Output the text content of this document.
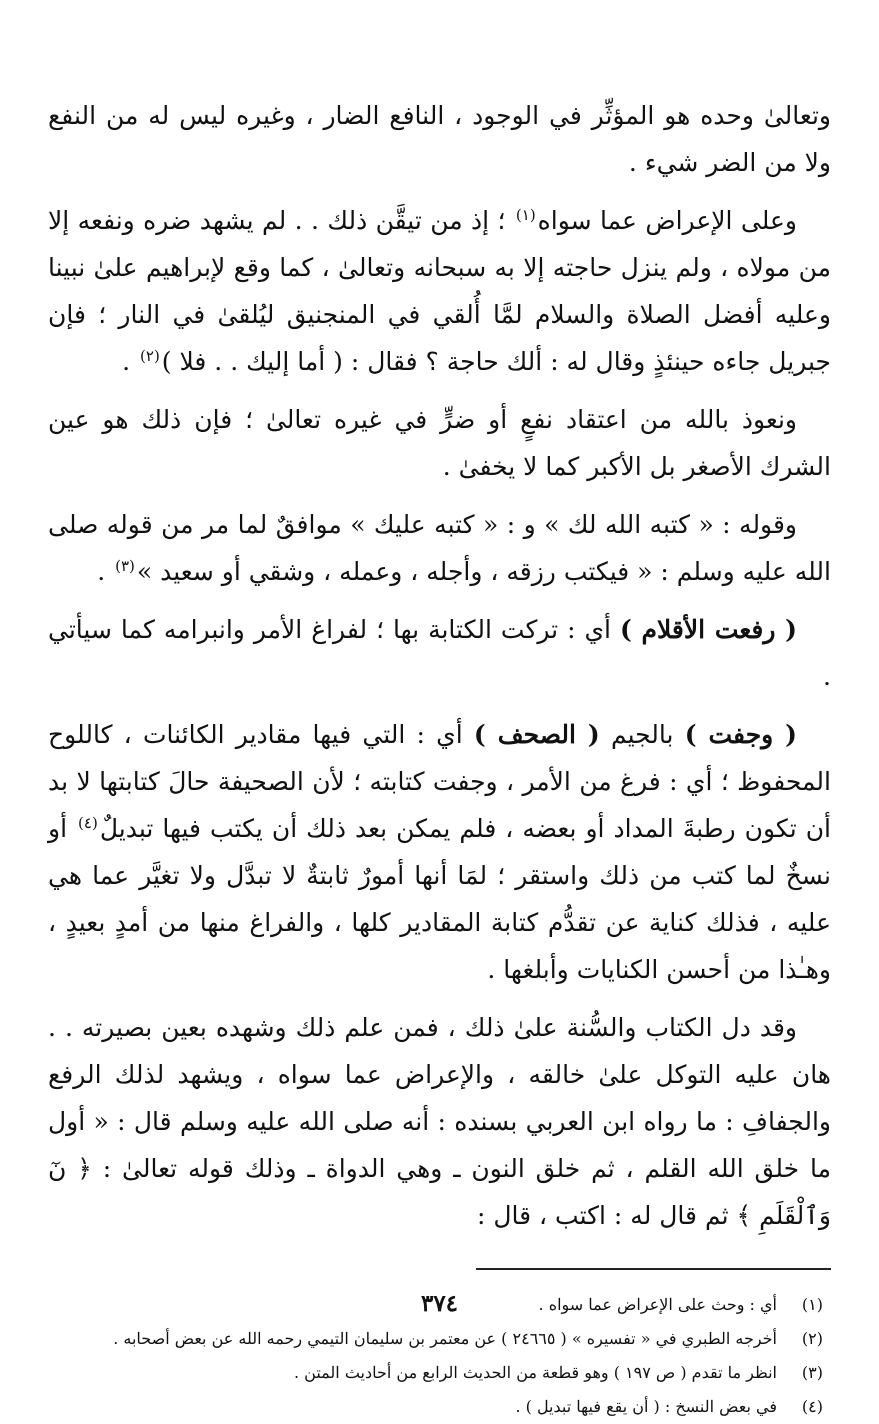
وتعالىٰ وحده هو المؤثِّر في الوجود ، النافع الضار ، وغيره ليس له من النفع ولا من الضر شيء .

وعلى الإعراض عما سواه$^{(١)}$ ؛ إذ من تيقَّن ذلك . . لم يشهد ضره ونفعه إلا من مولاه ، ولم ينزل حاجته إلا به سبحانه وتعالىٰ ، كما وقع لإبراهيم علىٰ نبينا وعليه أفضل الصلاة والسلام لمَّا أُلقي في المنجنيق ليُلقىٰ في النار ؛ فإن جبريل جاءه حينئذٍ وقال له : ألك حاجة ؟ فقال : ( أما إليك . . فلا )$^{(٢)}$ .

ونعوذ بالله من اعتقاد نفعٍ أو ضرٍّ في غيره تعالىٰ ؛ فإن ذلك هو عين الشرك الأصغر بل الأكبر كما لا يخفىٰ .

وقوله : « كتبه الله لك » و : « كتبه عليك » موافقٌ لما مر من قوله صلى الله عليه وسلم : « فيكتب رزقه ، وأجله ، وعمله ، وشقي أو سعيد »$^{(٣)}$ .

( رفعت الأقلام ) أي : تركت الكتابة بها ؛ لفراغ الأمر وانبرامه كما سيأتي .

( وجفت ) بالجيم ( الصحف ) أي : التي فيها مقادير الكائنات ، كاللوح المحفوظ ؛ أي : فرغ من الأمر ، وجفت كتابته ؛ لأن الصحيفة حالَ كتابتها لا بد أن تكون رطبةَ المداد أو بعضه ، فلم يمكن بعد ذلك أن يكتب فيها تبديلٌ$^{(٤)}$ أو نسخٌ لما كتب من ذلك واستقر ؛ لمَا أنها أمورٌ ثابتةٌ لا تبدَّل ولا تغيَّر عما هي عليه ، فذلك كناية عن تقدُّم كتابة المقادير كلها ، والفراغ منها من أمدٍ بعيدٍ ، وهـٰذا من أحسن الكنايات وأبلغها .

وقد دل الكتاب والسُّنة علىٰ ذلك ، فمن علم ذلك وشهده بعين بصيرته . . هان عليه التوكل علىٰ خالقه ، والإعراض عما سواه ، ويشهد لذلك الرفع والجفافِ : ما رواه ابن العربي بسنده : أنه صلى الله عليه وسلم قال : « أول ما خلق الله القلم ، ثم خلق النون ـ وهي الدواة ـ وذلك قوله تعالىٰ : ﴿ نٓ وَٱلْقَلَمِ ﴾ ثم قال له : اكتب ، قال :

(١)
أي : وحث على الإعراض عما سواه .
(٢)
أخرجه الطبري في « تفسيره » ( ٢٤٦٦٥ ) عن معتمر بن سليمان التيمي رحمه الله عن بعض أصحابه .
(٣)
انظر ما تقدم ( ص ١٩٧ ) وهو قطعة من الحديث الرابع من أحاديث المتن .
(٤)
في بعض النسخ : ( أن يقع فيها تبديل ) .
٣٧٤
